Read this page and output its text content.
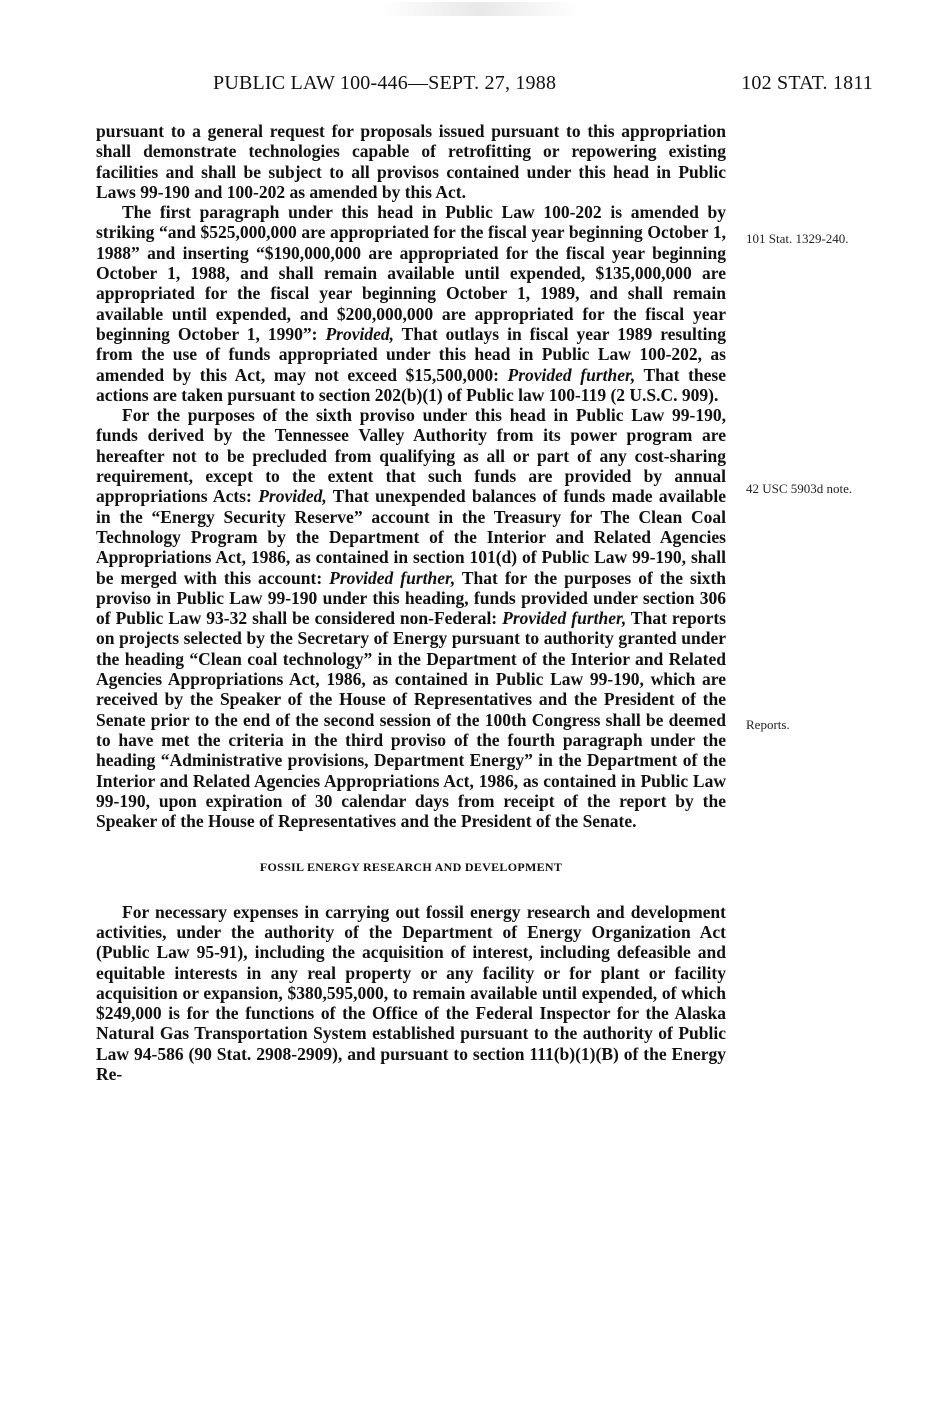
PUBLIC LAW 100-446—SEPT. 27, 1988	102 STAT. 1811

pursuant to a general request for proposals issued pursuant to this appropriation shall demonstrate technologies capable of retrofitting or repowering existing facilities and shall be subject to all provisos contained under this head in Public Laws 99-190 and 100-202 as amended by this Act.

The first paragraph under this head in Public Law 100-202 is amended by striking “and $525,000,000 are appropriated for the fiscal year beginning October 1, 1988” and inserting “$190,000,000 are appropriated for the fiscal year beginning October 1, 1988, and shall remain available until expended, $135,000,000 are appropriated for the fiscal year beginning October 1, 1989, and shall remain available until expended, and $200,000,000 are appropriated for the fiscal year beginning October 1, 1990”: Provided, That outlays in fiscal year 1989 resulting from the use of funds appropriated under this head in Public Law 100-202, as amended by this Act, may not exceed $15,500,000: Provided further, That these actions are taken pursuant to section 202(b)(1) of Public law 100-119 (2 U.S.C. 909).

For the purposes of the sixth proviso under this head in Public Law 99-190, funds derived by the Tennessee Valley Authority from its power program are hereafter not to be precluded from qualifying as all or part of any cost-sharing requirement, except to the extent that such funds are provided by annual appropriations Acts: Provided, That unexpended balances of funds made available in the “Energy Security Reserve” account in the Treasury for The Clean Coal Technology Program by the Department of the Interior and Related Agencies Appropriations Act, 1986, as contained in section 101(d) of Public Law 99-190, shall be merged with this account: Provided further, That for the purposes of the sixth proviso in Public Law 99-190 under this heading, funds provided under section 306 of Public Law 93-32 shall be considered non-Federal: Provided further, That reports on projects selected by the Secretary of Energy pursuant to authority granted under the heading “Clean coal technology” in the Department of the Interior and Related Agencies Appropriations Act, 1986, as contained in Public Law 99-190, which are received by the Speaker of the House of Representatives and the President of the Senate prior to the end of the second session of the 100th Congress shall be deemed to have met the criteria in the third proviso of the fourth paragraph under the heading “Administrative provisions, Department Energy” in the Department of the Interior and Related Agencies Appropriations Act, 1986, as contained in Public Law 99-190, upon expiration of 30 calendar days from receipt of the report by the Speaker of the House of Representatives and the President of the Senate.

FOSSIL ENERGY RESEARCH AND DEVELOPMENT

For necessary expenses in carrying out fossil energy research and development activities, under the authority of the Department of Energy Organization Act (Public Law 95-91), including the acquisition of interest, including defeasible and equitable interests in any real property or any facility or for plant or facility acquisition or expansion, $380,595,000, to remain available until expended, of which $249,000 is for the functions of the Office of the Federal Inspector for the Alaska Natural Gas Transportation System established pursuant to the authority of Public Law 94-586 (90 Stat. 2908-2909), and pursuant to section 111(b)(1)(B) of the Energy Re-

101 Stat. 1329-240.
42 USC 5903d note.
Reports.
